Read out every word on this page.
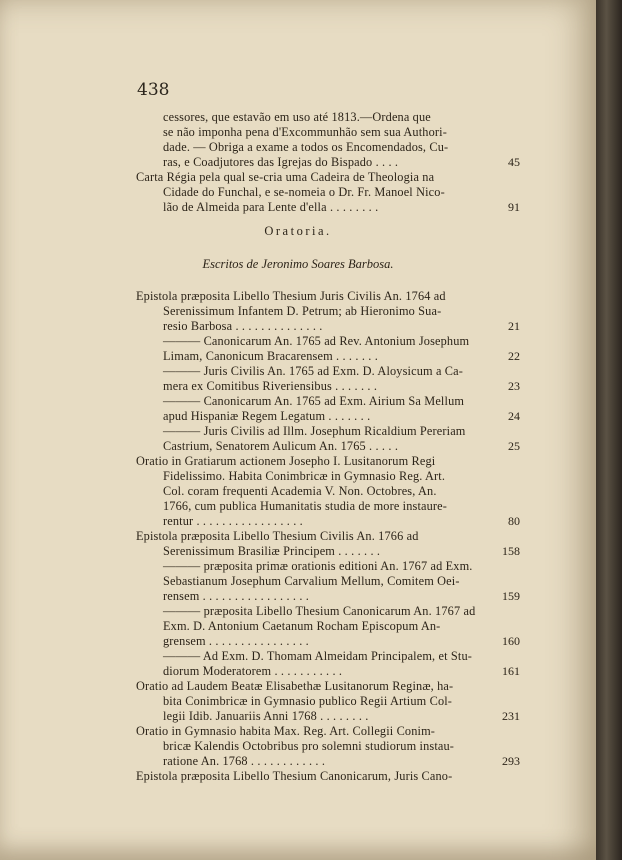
438
Oratoria.
Escritos de Jeronimo Soares Barbosa.
cessores, que estavão em uso até 1813.—Ordena que
se não imponha pena d'Excommunhão sem sua Authori-
dade. — Obriga a exame a todos os Encomendados, Cu-
ras, e Coadjutores das Igrejas do Bispado . . . .	45
Carta Régia pela qual se-cria uma Cadeira de Theologia na
Cidade do Funchal, e se-nomeia o Dr. Fr. Manoel Nico-
lão de Almeida para Lente d'ella . . . . . . . .	91
Epistola præposita Libello Thesium Juris Civilis An. 1764 ad
Serenissimum Infantem D. Petrum; ab Hieronimo Sua-
resio Barbosa . . . . . . . . . . . . . .	21
——— Canonicarum An. 1765 ad Rev. Antonium Josephum
Limam, Canonicum Bracarensem . . . . . . .	22
——— Juris Civilis An. 1765 ad Exm. D. Aloysicum a Ca-
mera ex Comitibus Riveriensibus . . . . . . .	23
——— Canonicarum An. 1765 ad Exm. Airium Sa Mellum
apud Hispaniæ Regem Legatum . . . . . . .	24
——— Juris Civilis ad Illm. Josephum Ricaldium Pereriam
Castrium, Senatorem Aulicum An. 1765 . . . . .	25
Oratio in Gratiarum actionem Josepho I. Lusitanorum Regi
Fidelissimo. Habita Conimbricæ in Gymnasio Reg. Art.
Col. coram frequenti Academia V. Non. Octobres, An.
1766, cum publica Humanitatis studia de more instaure-
rentur . . . . . . . . . . . . . . . . .	80
Epistola præposita Libello Thesium Civilis An. 1766 ad
Serenissimum Brasiliæ Principem . . . . . . .	158
——— præposita primæ orationis editioni An. 1767 ad Exm.
Sebastianum Josephum Carvalium Mellum, Comitem Oei-
rensem . . . . . . . . . . . . . . . . .	159
——— præposita Libello Thesium Canonicarum An. 1767 ad
Exm. D. Antonium Caetanum Rocham Episcopum An-
grensem . . . . . . . . . . . . . . . .	160
——— Ad Exm. D. Thomam Almeidam Principalem, et Stu-
diorum Moderatorem . . . . . . . . . . .	161
Oratio ad Laudem Beatæ Elisabethæ Lusitanorum Reginæ, ha-
bita Conimbricæ in Gymnasio publico Regii Artium Col-
legii Idib. Januariis Anni 1768 . . . . . . . .	231
Oratio in Gymnasio habita Max. Reg. Art. Collegii Conim-
bricæ Kalendis Octobribus pro solemni studiorum instau-
ratione An. 1768 . . . . . . . . . . . .	293
Epistola præposita Libello Thesium Canonicarum, Juris Cano-
